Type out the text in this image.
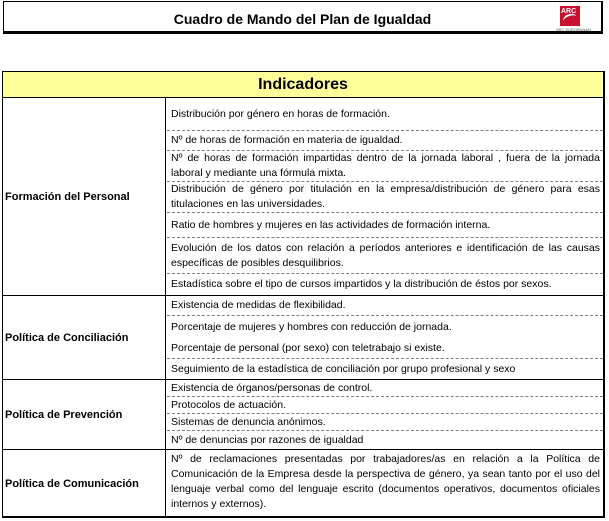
Cuadro de Mando del Plan de Igualdad	ARC
ARC EUROBANAN
Indicadores
Formación del Personal
Distribución por género en horas de formación.
Nº de horas de formación en materia de igualdad.
Nº de horas de formación impartidas dentro de la jornada laboral , fuera de la jornada laboral y mediante una fórmula mixta.
Distribución de género por titulación en la empresa/distribución de género para esas titulaciones en las universidades.
Ratio de hombres y mujeres en las actividades de formación interna.
Evolución de los datos con relación a períodos anteriores e identificación de las causas específicas de posibles desquilibrios.
Estadística sobre el tipo de cursos impartidos y la distribución de éstos por sexos.
Política de Conciliación
Existencia de medidas de flexibilidad.
Porcentaje de mujeres y hombres con reducción de jornada.
Porcentaje de personal (por sexo) con teletrabajo si existe.
Seguimiento de la estadística de conciliación por grupo profesional y sexo
Política de Prevención
Existencia de órganos/personas de control.
Protocolos de actuación.
Sistemas de denuncia anónimos.
Nº de denuncias por razones de igualdad
Política de Comunicación
Nº de reclamaciones presentadas por trabajadores/as en relación a la Política de Comunicación de la Empresa desde la perspectiva de género, ya sean tanto por el uso del lenguaje verbal como del lenguaje escrito (documentos operativos, documentos oficiales internos y externos).
